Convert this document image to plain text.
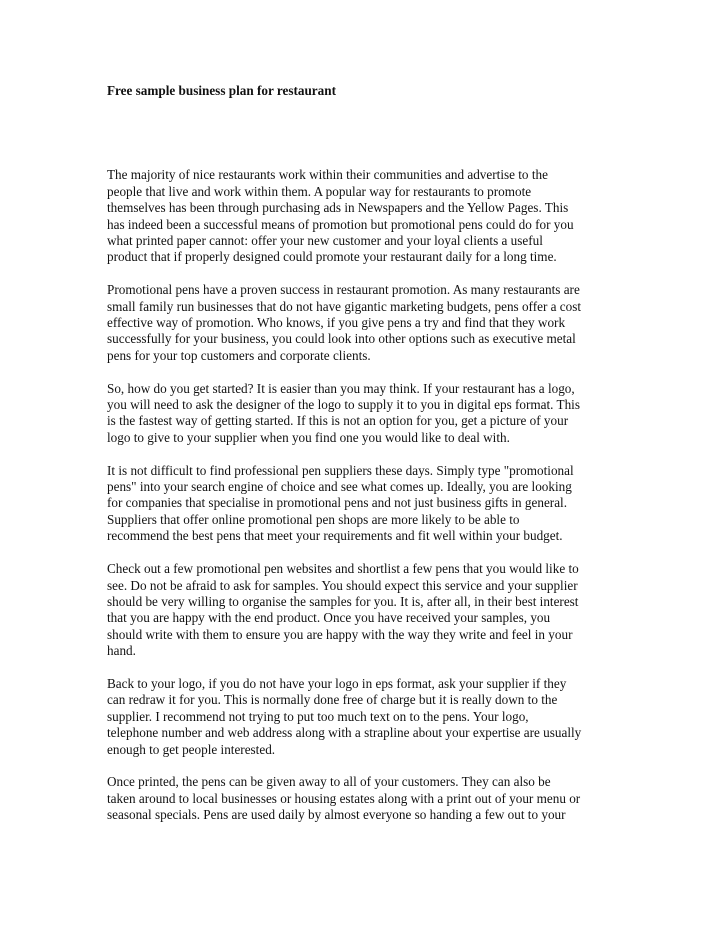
Free sample business plan for restaurant

The majority of nice restaurants work within their communities and advertise to the
people that live and work within them. A popular way for restaurants to promote
themselves has been through purchasing ads in Newspapers and the Yellow Pages. This
has indeed been a successful means of promotion but promotional pens could do for you
what printed paper cannot: offer your new customer and your loyal clients a useful
product that if properly designed could promote your restaurant daily for a long time.

Promotional pens have a proven success in restaurant promotion. As many restaurants are
small family run businesses that do not have gigantic marketing budgets, pens offer a cost
effective way of promotion. Who knows, if you give pens a try and find that they work
successfully for your business, you could look into other options such as executive metal
pens for your top customers and corporate clients.

So, how do you get started? It is easier than you may think. If your restaurant has a logo,
you will need to ask the designer of the logo to supply it to you in digital eps format. This
is the fastest way of getting started. If this is not an option for you, get a picture of your
logo to give to your supplier when you find one you would like to deal with.

It is not difficult to find professional pen suppliers these days. Simply type "promotional
pens" into your search engine of choice and see what comes up. Ideally, you are looking
for companies that specialise in promotional pens and not just business gifts in general.
Suppliers that offer online promotional pen shops are more likely to be able to
recommend the best pens that meet your requirements and fit well within your budget.

Check out a few promotional pen websites and shortlist a few pens that you would like to
see. Do not be afraid to ask for samples. You should expect this service and your supplier
should be very willing to organise the samples for you. It is, after all, in their best interest
that you are happy with the end product. Once you have received your samples, you
should write with them to ensure you are happy with the way they write and feel in your
hand.

Back to your logo, if you do not have your logo in eps format, ask your supplier if they
can redraw it for you. This is normally done free of charge but it is really down to the
supplier. I recommend not trying to put too much text on to the pens. Your logo,
telephone number and web address along with a strapline about your expertise are usually
enough to get people interested.

Once printed, the pens can be given away to all of your customers. They can also be
taken around to local businesses or housing estates along with a print out of your menu or
seasonal specials. Pens are used daily by almost everyone so handing a few out to your
